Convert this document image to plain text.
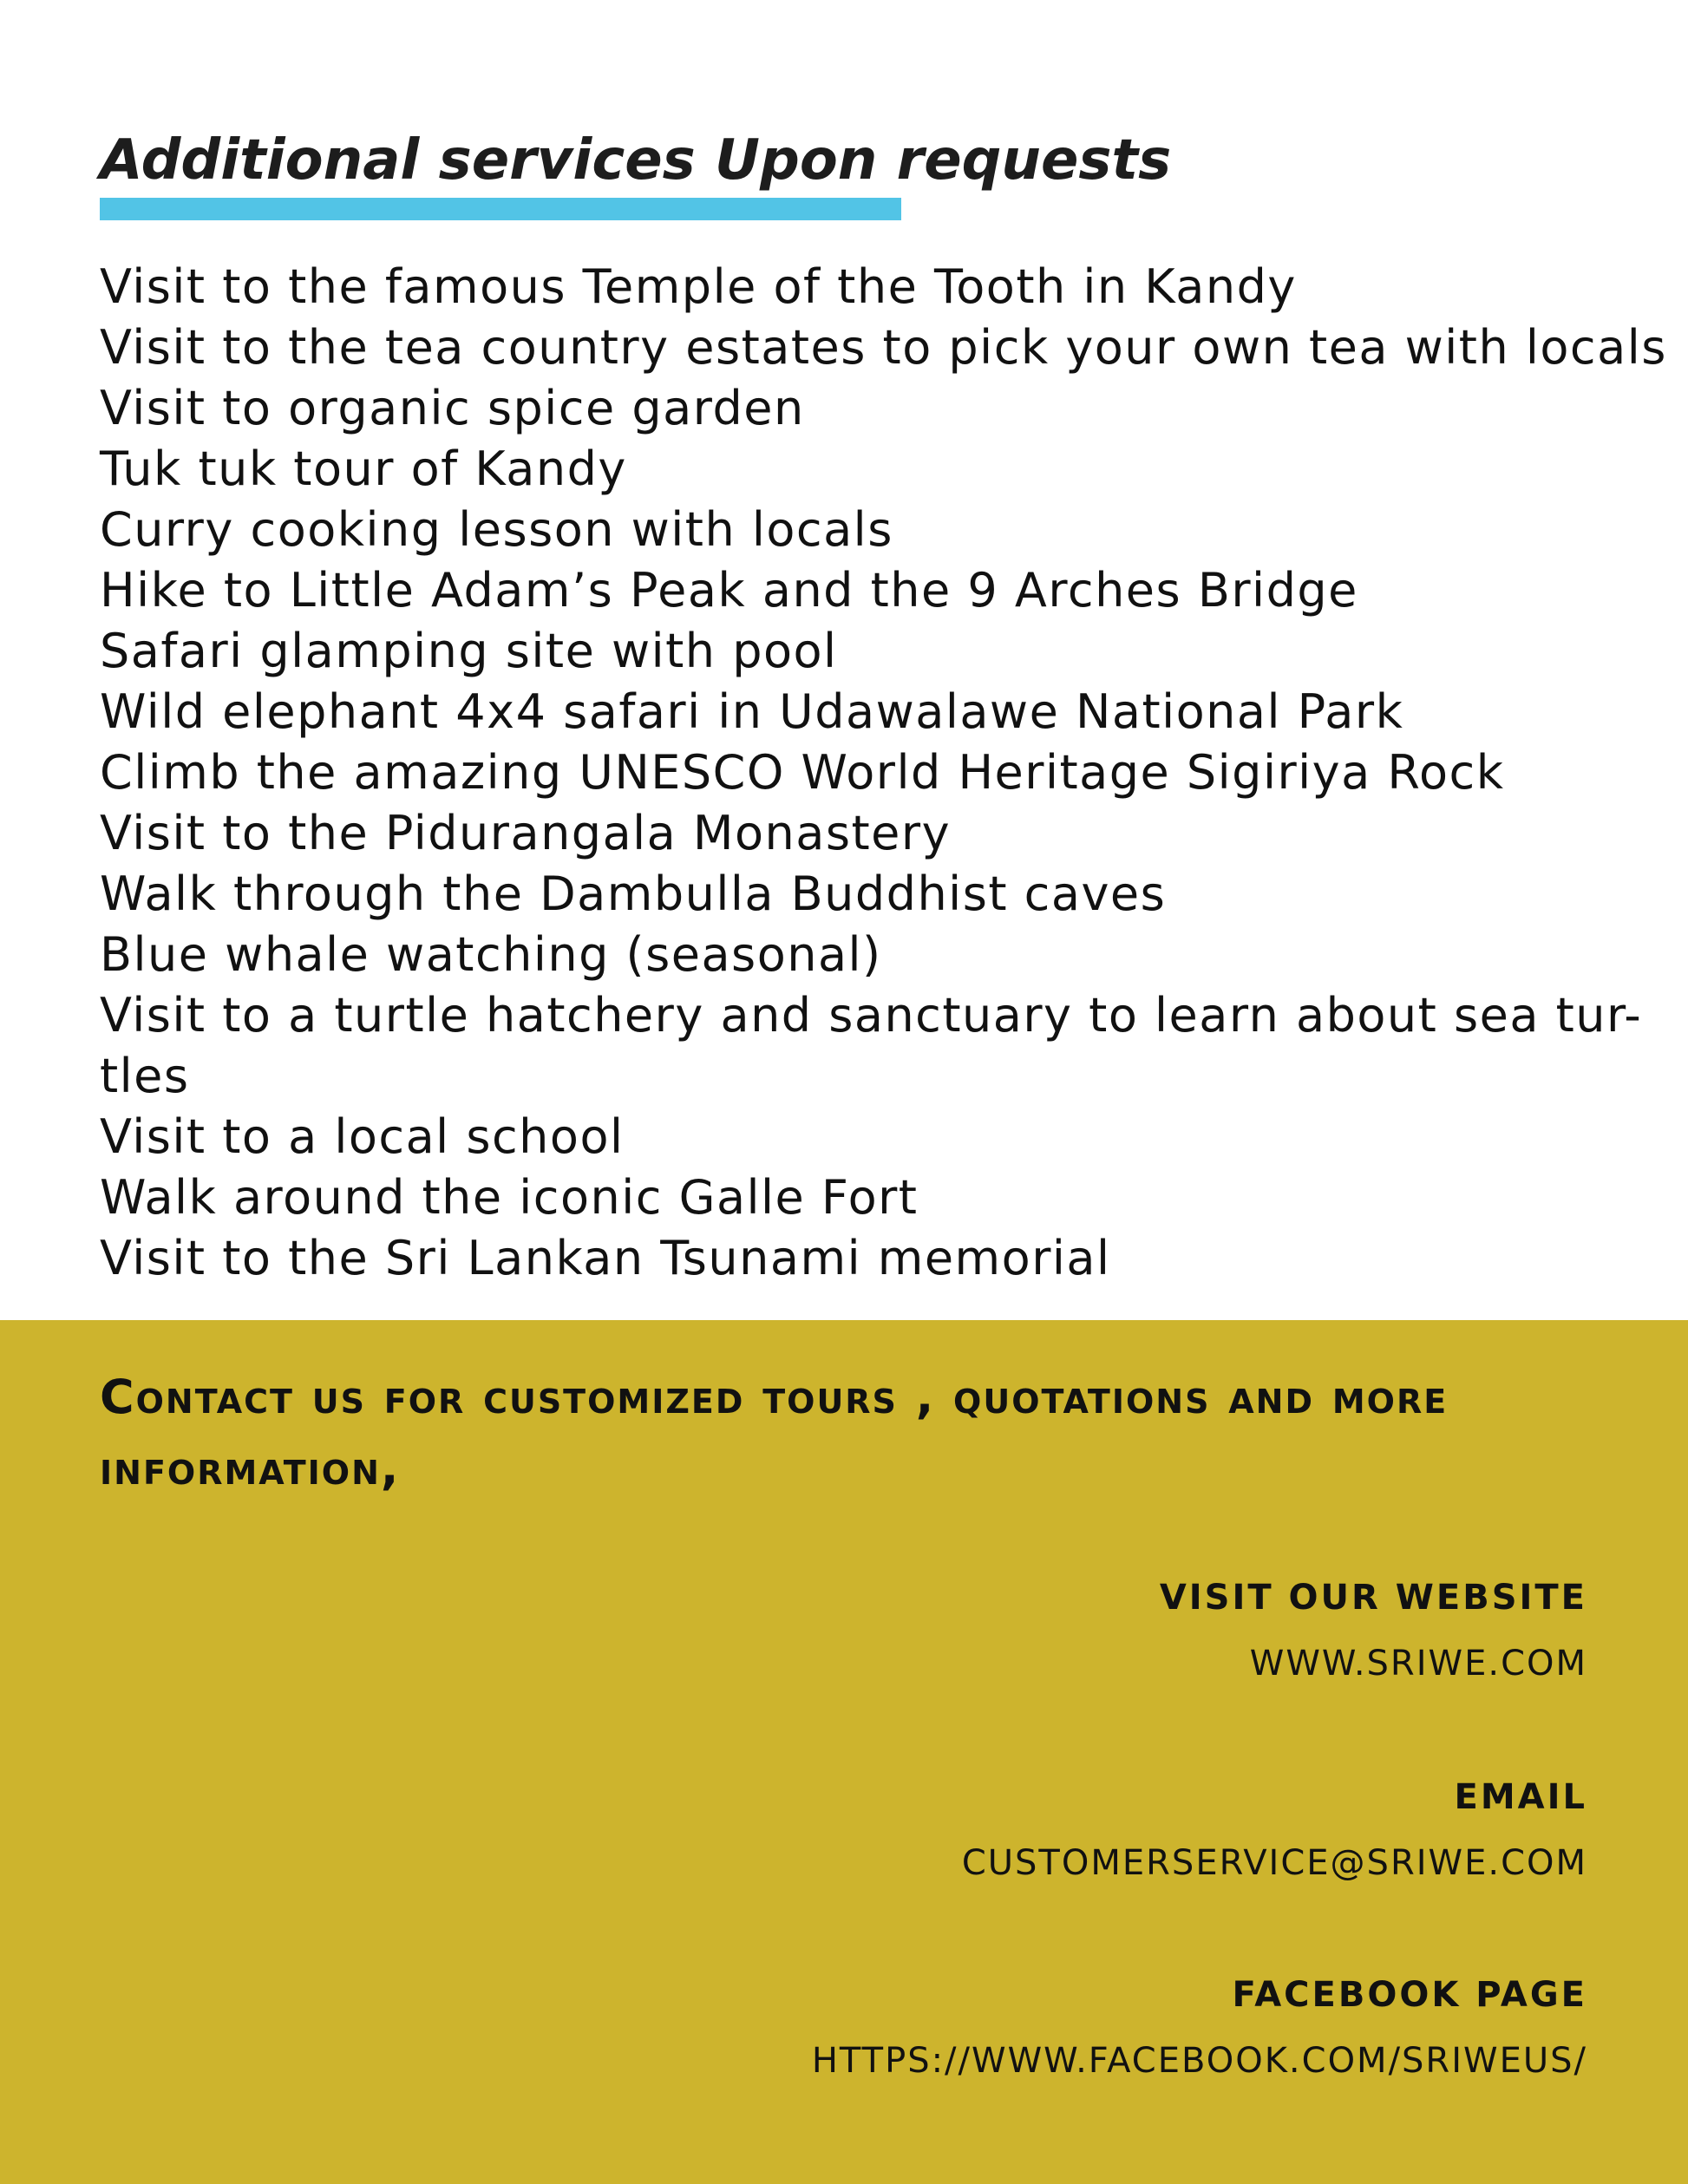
Additional services Upon requests
Visit to the famous Temple of the Tooth in Kandy
Visit to the tea country estates to pick your own tea with locals
Visit to organic spice garden
Tuk tuk tour of Kandy
Curry cooking lesson with locals
Hike to Little Adam’s Peak and the 9 Arches Bridge
Safari glamping site with pool
Wild elephant 4x4 safari in Udawalawe National Park
Climb the amazing UNESCO World Heritage Sigiriya Rock
Visit to the Pidurangala Monastery
Walk through the Dambulla Buddhist caves
Blue whale watching (seasonal)
Visit to a turtle hatchery and sanctuary to learn about sea tur-
tles
Visit to a local school
Walk around the iconic Galle Fort
Visit to the Sri Lankan Tsunami memorial

Contact us for customized tours , quotations and more information,

VISIT OUR WEBSITE
WWW.SRIWE.COM
EMAIL
CUSTOMERSERVICE@SRIWE.COM
FACEBOOK PAGE
HTTPS://WWW.FACEBOOK.COM/SRIWEUS/
